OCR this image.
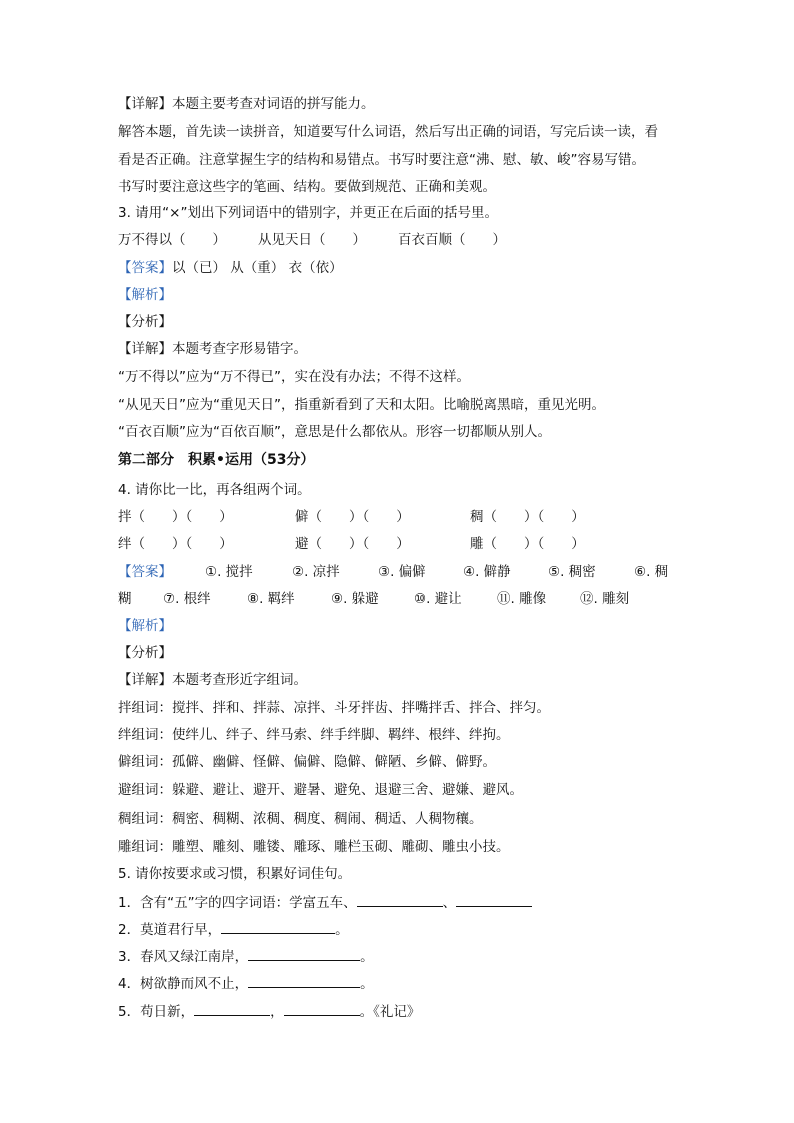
【详解】本题主要考查对词语的拼写能力。
解答本题，首先读一读拼音，知道要写什么词语，然后写出正确的词语，写完后读一读，看
看是否正确。注意掌握生字的结构和易错点。书写时要注意“沸、慰、敏、峻”容易写错。
书写时要注意这些字的笔画、结构。要做到规范、正确和美观。
3. 请用“×”划出下列词语中的错别字，并更正在后面的括号里。
万不得以（　　） 从见天日（　　） 百衣百顺（　　）
【答案】以（已） 从（重） 衣（依）
【解析】
【分析】
【详解】本题考查字形易错字。
“万不得以”应为“万不得已”，实在没有办法；不得不这样。
“从见天日”应为“重见天日”，指重新看到了天和太阳。比喻脱离黑暗，重见光明。
“百衣百顺”应为“百依百顺”，意思是什么都依从。形容一切都顺从别人。
第二部分　积累•运用（53分）
4. 请你比一比，再各组两个词。
拌（　　）（　　）	僻（　　）（　　）	稠（　　）（　　）
绊（　　）（　　）	避（　　）（　　）	雕（　　）（　　）
【答案】 ①. 搅拌	②. 凉拌	③. 偏僻	④. 僻静	⑤. 稠密	⑥. 稠
糊 ⑦. 根绊	⑧. 羁绊	⑨. 躲避	⑩. 避让	⑪. 雕像	⑫. 雕刻
【解析】
【分析】
【详解】本题考查形近字组词。
拌组词：搅拌、拌和、拌蒜、凉拌、斗牙拌齿、拌嘴拌舌、拌合、拌匀。
绊组词：使绊儿、绊子、绊马索、绊手绊脚、羁绊、根绊、绊拘。
僻组词：孤僻、幽僻、怪僻、偏僻、隐僻、僻陋、乡僻、僻野。
避组词：躲避、避让、避开、避暑、避免、退避三舍、避嫌、避风。
稠组词：稠密、稠糊、浓稠、稠度、稠闹、稠适、人稠物穰。
雕组词：雕塑、雕刻、雕镂、雕琢、雕栏玉砌、雕砌、雕虫小技。
5. 请你按要求或习惯，积累好词佳句。
1．含有“五”字的四字词语：学富五车、	、
2．莫道君行早，	。
3．春风又绿江南岸，	。
4．树欲静而风不止，	。
5．苟日新，	，	。《礼记》
